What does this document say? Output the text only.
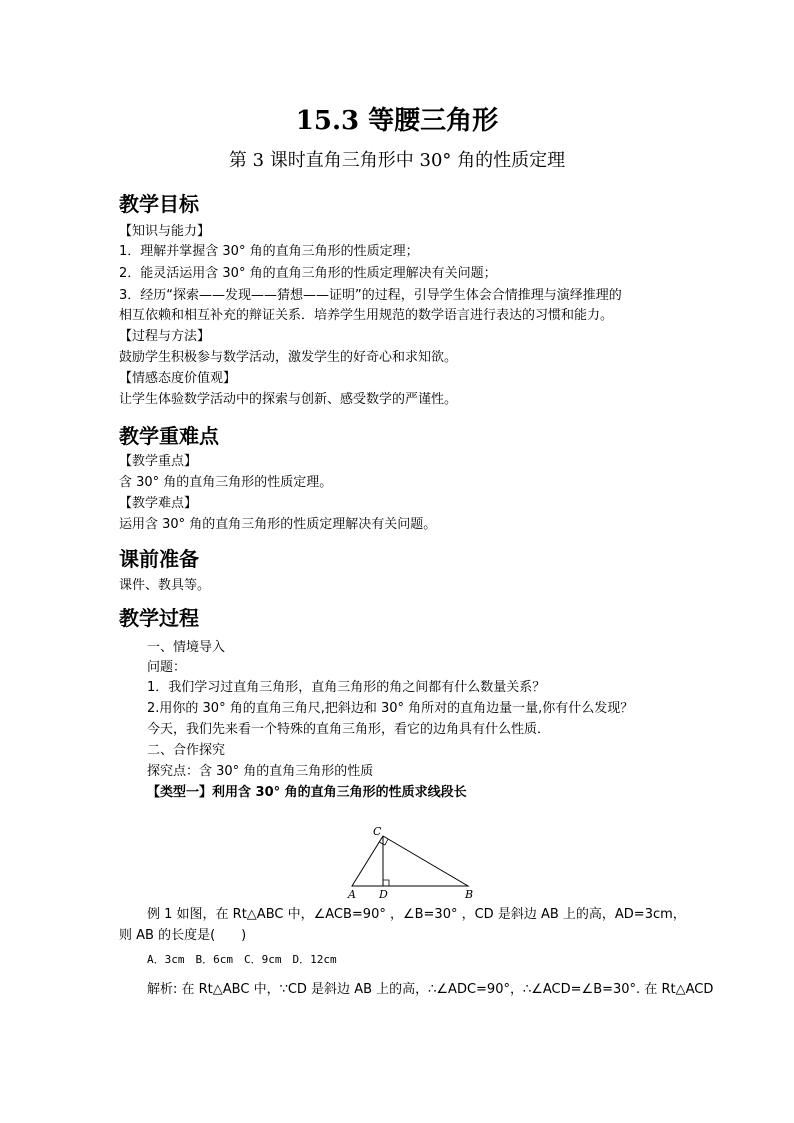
15.3 等腰三角形
第 3 课时直角三角形中 30° 角的性质定理
教学目标
【知识与能力】
1．理解并掌握含 30° 角的直角三角形的性质定理；
2．能灵活运用含 30° 角的直角三角形的性质定理解决有关问题；
3．经历“探索——发现——猜想——证明”的过程，引导学生体会合情推理与演绎推理的
相互依赖和相互补充的辩证关系．培养学生用规范的数学语言进行表达的习惯和能力。
【过程与方法】
鼓励学生积极参与数学活动，激发学生的好奇心和求知欲。
【情感态度价值观】
让学生体验数学活动中的探索与创新、感受数学的严谨性。
教学重难点
【教学重点】
含 30° 角的直角三角形的性质定理。
【教学难点】
运用含 30° 角的直角三角形的性质定理解决有关问题。
课前准备
课件、教具等。
教学过程
一、情境导入
问题：
1．我们学习过直角三角形，直角三角形的角之间都有什么数量关系？
2.用你的 30° 角的直角三角尺,把斜边和 30° 角所对的直角边量一量,你有什么发现？
今天，我们先来看一个特殊的直角三角形，看它的边角具有什么性质．
二、合作探究
探究点：含 30° 角的直角三角形的性质
【类型一】利用含 30° 角的直角三角形的性质求线段长
C
A D	B
例 1 如图，在 Rt△ABC 中，∠ACB=90° ，∠B=30° ，CD 是斜边 AB 上的高，AD=3cm，
则 AB 的长度是(　　)
A．3cm　B．6cm　C．9cm　D．12cm
解析: 在 Rt△ABC 中，∵CD 是斜边 AB 上的高，∴∠ADC=90°，∴∠ACD=∠B=30°. 在 Rt△ACD
